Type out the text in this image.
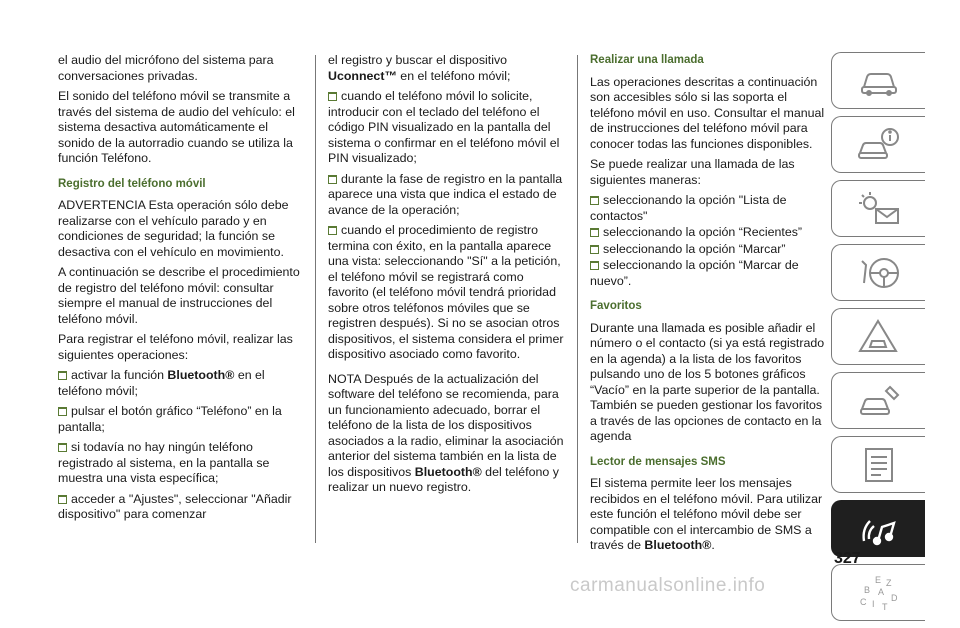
el audio del micrófono del sistema para conversaciones privadas.

El sonido del teléfono móvil se transmite a través del sistema de audio del vehículo: el sistema desactiva automáticamente el sonido de la autorradio cuando se utiliza la función Teléfono.

Registro del teléfono móvil

ADVERTENCIA Esta operación sólo debe realizarse con el vehículo parado y en condiciones de seguridad; la función se desactiva con el vehículo en movimiento.

A continuación se describe el procedimiento de registro del teléfono móvil: consultar siempre el manual de instrucciones del teléfono móvil.

Para registrar el teléfono móvil, realizar las siguientes operaciones:

activar la función Bluetooth® en el teléfono móvil;

pulsar el botón gráfico “Teléfono” en la pantalla;

si todavía no hay ningún teléfono registrado al sistema, en la pantalla se muestra una vista específica;

acceder a "Ajustes", seleccionar "Añadir dispositivo" para comenzar

el registro y buscar el dispositivo Uconnect™ en el teléfono móvil;

cuando el teléfono móvil lo solicite, introducir con el teclado del teléfono el código PIN visualizado en la pantalla del sistema o confirmar en el teléfono móvil el PIN visualizado;

durante la fase de registro en la pantalla aparece una vista que indica el estado de avance de la operación;

cuando el procedimiento de registro termina con éxito, en la pantalla aparece una vista: seleccionando "Sí" a la petición, el teléfono móvil se registrará como favorito (el teléfono móvil tendrá prioridad sobre otros teléfonos móviles que se registren después). Si no se asocian otros dispositivos, el sistema considera el primer dispositivo asociado como favorito.

NOTA Después de la actualización del software del teléfono se recomienda, para un funcionamiento adecuado, borrar el teléfono de la lista de los dispositivos asociados a la radio, eliminar la asociación anterior del sistema también en la lista de los dispositivos Bluetooth® del teléfono y realizar un nuevo registro.

Realizar una llamada

Las operaciones descritas a continuación son accesibles sólo si las soporta el teléfono móvil en uso. Consultar el manual de instrucciones del teléfono móvil para conocer todas las funciones disponibles.

Se puede realizar una llamada de las siguientes maneras:

seleccionando la opción "Lista de contactos"

seleccionando la opción “Recientes”

seleccionando la opción “Marcar”

seleccionando la opción “Marcar de nuevo”.

Favoritos

Durante una llamada es posible añadir el número o el contacto (si ya está registrado en la agenda) a la lista de los favoritos pulsando uno de los 5 botones gráficos “Vacío” en la parte superior de la pantalla. También se pueden gestionar los favoritos a través de las opciones de contacto en la agenda

Lector de mensajes SMS

El sistema permite leer los mensajes recibidos en el teléfono móvil. Para utilizar este función el teléfono móvil debe ser compatible con el intercambio de SMS a través de Bluetooth®.

E Z
B A
C	D
I T
327
carmanualsonline.info
